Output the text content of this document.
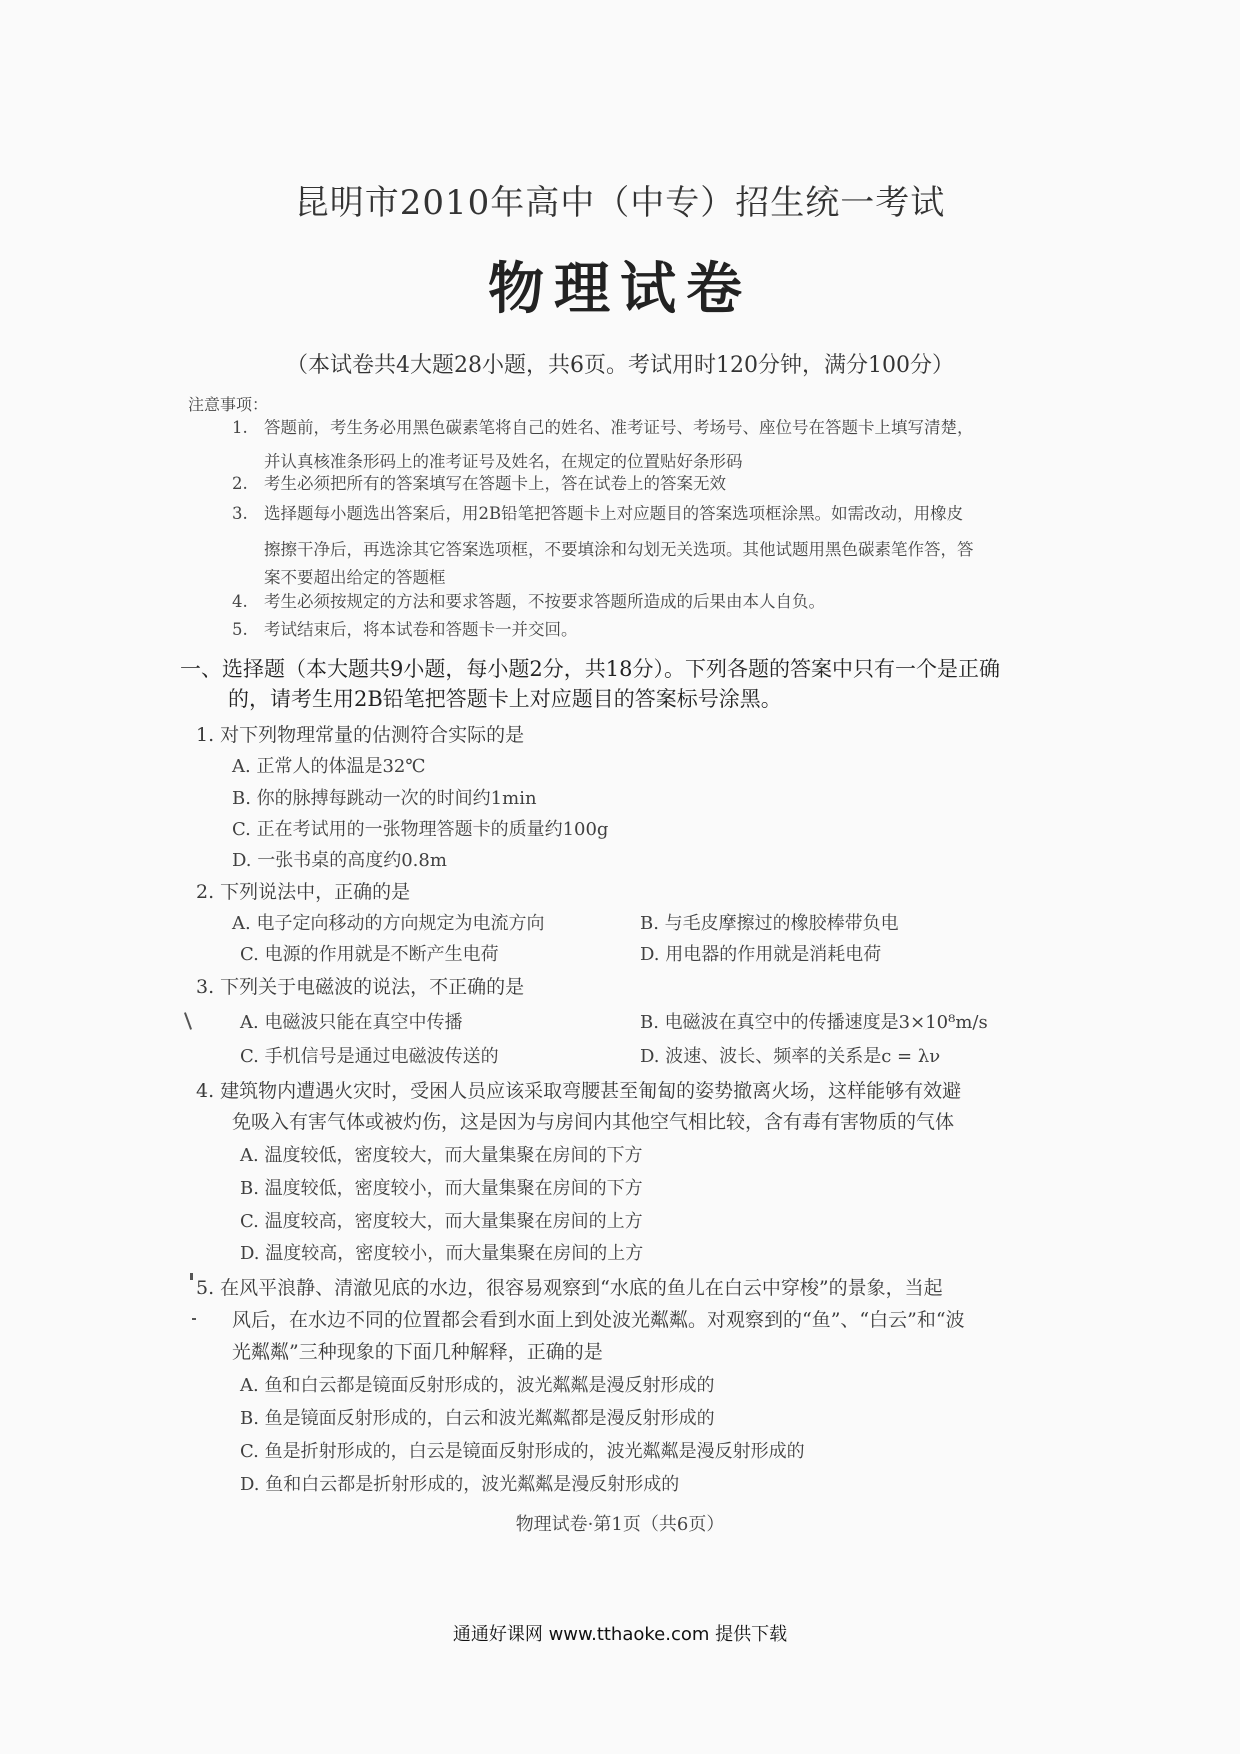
昆明市2010年高中（中专）招生统一考试
物理试卷
（本试卷共4大题28小题，共6页。考试用时120分钟，满分100分）
注意事项：
1. 答题前，考生务必用黑色碳素笔将自己的姓名、准考证号、考场号、座位号在答题卡上填写清楚，
并认真核准条形码上的准考证号及姓名，在规定的位置贴好条形码
2. 考生必须把所有的答案填写在答题卡上，答在试卷上的答案无效
3. 选择题每小题选出答案后，用2B铅笔把答题卡上对应题目的答案选项框涂黑。如需改动，用橡皮
擦擦干净后，再选涂其它答案选项框，不要填涂和勾划无关选项。其他试题用黑色碳素笔作答，答
案不要超出给定的答题框
4. 考生必须按规定的方法和要求答题，不按要求答题所造成的后果由本人自负。
5. 考试结束后，将本试卷和答题卡一并交回。
一、选择题（本大题共9小题，每小题2分，共18分）。下列各题的答案中只有一个是正确
的，请考生用2B铅笔把答题卡上对应题目的答案标号涂黑。
1. 对下列物理常量的估测符合实际的是
A. 正常人的体温是32℃
B. 你的脉搏每跳动一次的时间约1min
C. 正在考试用的一张物理答题卡的质量约100g
D. 一张书桌的高度约0.8m
2. 下列说法中，正确的是
A. 电子定向移动的方向规定为电流方向	B. 与毛皮摩擦过的橡胶棒带负电
C. 电源的作用就是不断产生电荷	D. 用电器的作用就是消耗电荷
3. 下列关于电磁波的说法，不正确的是
A. 电磁波只能在真空中传播	B. 电磁波在真空中的传播速度是3×10⁸m/s
C. 手机信号是通过电磁波传送的	D. 波速、波长、频率的关系是c = λν
4. 建筑物内遭遇火灾时，受困人员应该采取弯腰甚至匍匐的姿势撤离火场，这样能够有效避
免吸入有害气体或被灼伤，这是因为与房间内其他空气相比较，含有毒有害物质的气体
A. 温度较低，密度较大，而大量集聚在房间的下方
B. 温度较低，密度较小，而大量集聚在房间的下方
C. 温度较高，密度较大，而大量集聚在房间的上方
D. 温度较高，密度较小，而大量集聚在房间的上方
5. 在风平浪静、清澈见底的水边，很容易观察到“水底的鱼儿在白云中穿梭”的景象，当起
风后，在水边不同的位置都会看到水面上到处波光粼粼。对观察到的“鱼”、“白云”和“波
光粼粼”三种现象的下面几种解释，正确的是
A. 鱼和白云都是镜面反射形成的，波光粼粼是漫反射形成的
B. 鱼是镜面反射形成的，白云和波光粼粼都是漫反射形成的
C. 鱼是折射形成的，白云是镜面反射形成的，波光粼粼是漫反射形成的
D. 鱼和白云都是折射形成的，波光粼粼是漫反射形成的
物理试卷·第1页（共6页）
通通好课网 www.tthaoke.com 提供下载
